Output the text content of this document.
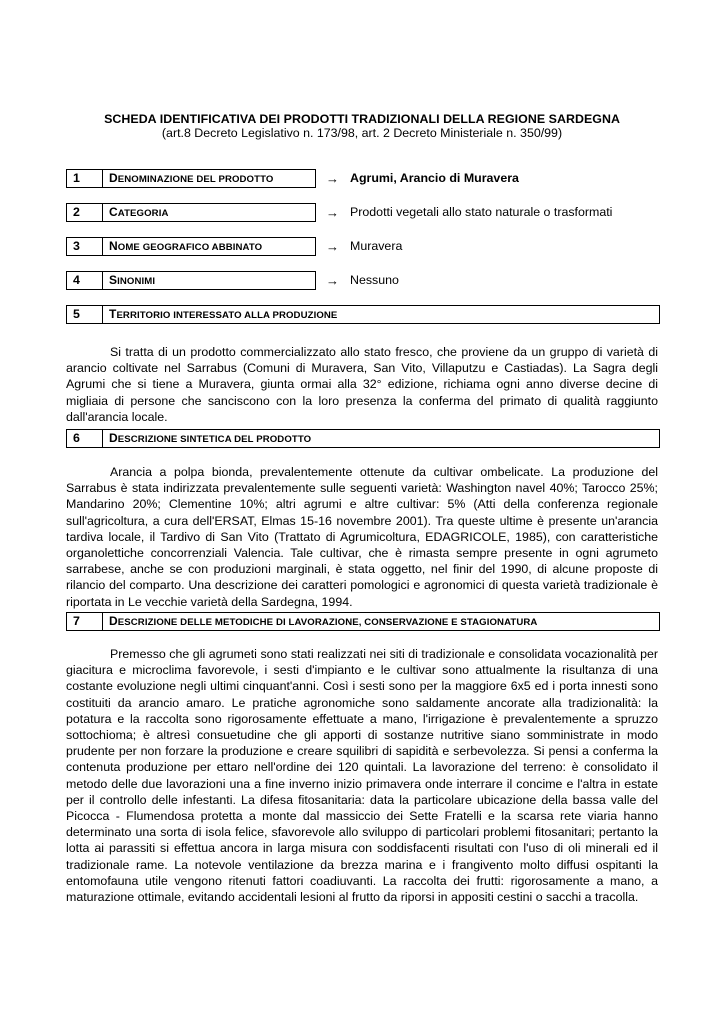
SCHEDA IDENTIFICATIVA DEI PRODOTTI TRADIZIONALI DELLA REGIONE SARDEGNA
(art.8 Decreto Legislativo n. 173/98, art. 2 Decreto Ministeriale n. 350/99)
1	DENOMINAZIONE DEL PRODOTTO	→ Agrumi, Arancio di Muravera
2	CATEGORIA	→ Prodotti vegetali allo stato naturale o trasformati
3	NOME GEOGRAFICO ABBINATO	→ Muravera
4	SINONIMI	→ Nessuno
5	TERRITORIO INTERESSATO ALLA PRODUZIONE

Si tratta di un prodotto commercializzato allo stato fresco, che proviene da un gruppo di varietà di arancio coltivate nel Sarrabus (Comuni di Muravera, San Vito, Villaputzu e Castiadas). La Sagra degli Agrumi che si tiene a Muravera, giunta ormai alla 32° edizione, richiama ogni anno diverse decine di migliaia di persone che sanciscono con la loro presenza la conferma del primato di qualità raggiunto dall'arancia locale.

6	DESCRIZIONE SINTETICA DEL PRODOTTO

Arancia a polpa bionda, prevalentemente ottenute da cultivar ombelicate. La produzione del Sarrabus è stata indirizzata prevalentemente sulle seguenti varietà: Washington navel 40%; Tarocco 25%; Mandarino 20%; Clementine 10%; altri agrumi e altre cultivar: 5% (Atti della conferenza regionale sull'agricoltura, a cura dell'ERSAT, Elmas 15-16 novembre 2001). Tra queste ultime è presente un'arancia tardiva locale, il Tardivo di San Vito (Trattato di Agrumicoltura, EDAGRICOLE, 1985), con caratteristiche organolettiche concorrenziali Valencia. Tale cultivar, che è rimasta sempre presente in ogni agrumeto sarrabese, anche se con produzioni marginali, è stata oggetto, nel finir del 1990, di alcune proposte di rilancio del comparto. Una descrizione dei caratteri pomologici e agronomici di questa varietà tradizionale è riportata in Le vecchie varietà della Sardegna, 1994.

7	DESCRIZIONE DELLE METODICHE DI LAVORAZIONE, CONSERVAZIONE E STAGIONATURA

Premesso che gli agrumeti sono stati realizzati nei siti di tradizionale e consolidata vocazionalità per giacitura e microclima favorevole, i sesti d'impianto e le cultivar sono attualmente la risultanza di una costante evoluzione negli ultimi cinquant'anni. Così i sesti sono per la maggiore 6x5 ed i porta innesti sono costituiti da arancio amaro. Le pratiche agronomiche sono saldamente ancorate alla tradizionalità: la potatura e la raccolta sono rigorosamente effettuate a mano, l'irrigazione è prevalentemente a spruzzo sottochioma; è altresì consuetudine che gli apporti di sostanze nutritive siano somministrate in modo prudente per non forzare la produzione e creare squilibri di sapidità e serbevolezza. Si pensi a conferma la contenuta produzione per ettaro nell'ordine dei 120 quintali. La lavorazione del terreno: è consolidato il metodo delle due lavorazioni una a fine inverno inizio primavera onde interrare il concime e l'altra in estate per il controllo delle infestanti. La difesa fitosanitaria: data la particolare ubicazione della bassa valle del Picocca - Flumendosa protetta a monte dal massiccio dei Sette Fratelli e la scarsa rete viaria hanno determinato una sorta di isola felice, sfavorevole allo sviluppo di particolari problemi fitosanitari; pertanto la lotta ai parassiti si effettua ancora in larga misura con soddisfacenti risultati con l'uso di oli minerali ed il tradizionale rame. La notevole ventilazione da brezza marina e i frangivento molto diffusi ospitanti la entomofauna utile vengono ritenuti fattori coadiuvanti. La raccolta dei frutti: rigorosamente a mano, a maturazione ottimale, evitando accidentali lesioni al frutto da riporsi in appositi cestini o sacchi a tracolla.
